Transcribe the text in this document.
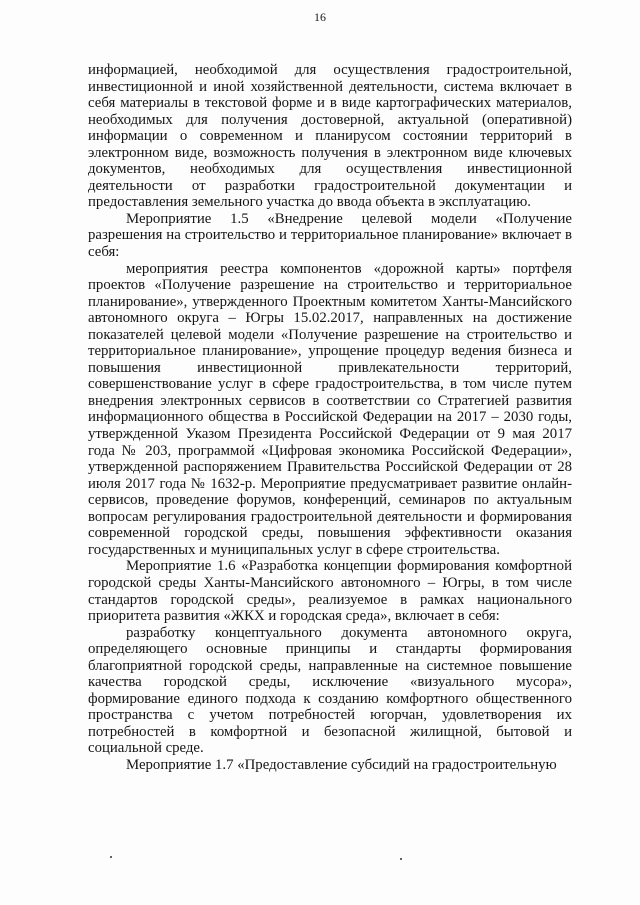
16

информацией, необходимой для осуществления градостроительной, инвестиционной и иной хозяйственной деятельности, система включает в себя материалы в текстовой форме и в виде картографических материалов, необходимых для получения достоверной, актуальной (оперативной) информации о современном и планирусом состоянии территорий в электронном виде, возможность получения в электронном виде ключевых документов, необходимых для осуществления инвестиционной деятельности от разработки градостроительной документации и предоставления земельного участка до ввода объекта в эксплуатацию.

Мероприятие 1.5 «Внедрение целевой модели «Получение разрешения на строительство и территориальное планирование» включает в себя:

мероприятия реестра компонентов «дорожной карты» портфеля проектов «Получение разрешение на строительство и территориальное планирование», утвержденного Проектным комитетом Ханты-Мансийского автономного округа – Югры 15.02.2017, направленных на достижение показателей целевой модели «Получение разрешение на строительство и территориальное планирование», упрощение процедур ведения бизнеса и повышения инвестиционной привлекательности территорий, совершенствование услуг в сфере градостроительства, в том числе путем внедрения электронных сервисов в соответствии со Стратегией развития информационного общества в Российской Федерации на 2017 – 2030 годы, утвержденной Указом Президента Российской Федерации от 9 мая 2017 года № 203, программой «Цифровая экономика Российской Федерации», утвержденной распоряжением Правительства Российской Федерации от 28 июля 2017 года № 1632-р. Мероприятие предусматривает развитие онлайн-сервисов, проведение форумов, конференций, семинаров по актуальным вопросам регулирования градостроительной деятельности и формирования современной городской среды, повышения эффективности оказания государственных и муниципальных услуг в сфере строительства.

Мероприятие 1.6 «Разработка концепции формирования комфортной городской среды Ханты-Мансийского автономного – Югры, в том числе стандартов городской среды», реализуемое в рамках национального приоритета развития «ЖКХ и городская среда», включает в себя:

разработку концептуального документа автономного округа, определяющего основные принципы и стандарты формирования благоприятной городской среды, направленные на системное повышение качества городской среды, исключение «визуального мусора», формирование единого подхода к созданию комфортного общественного пространства с учетом потребностей югорчан, удовлетворения их потребностей в комфортной и безопасной жилищной, бытовой и социальной среде.

Мероприятие 1.7 «Предоставление субсидий на градостроительную
